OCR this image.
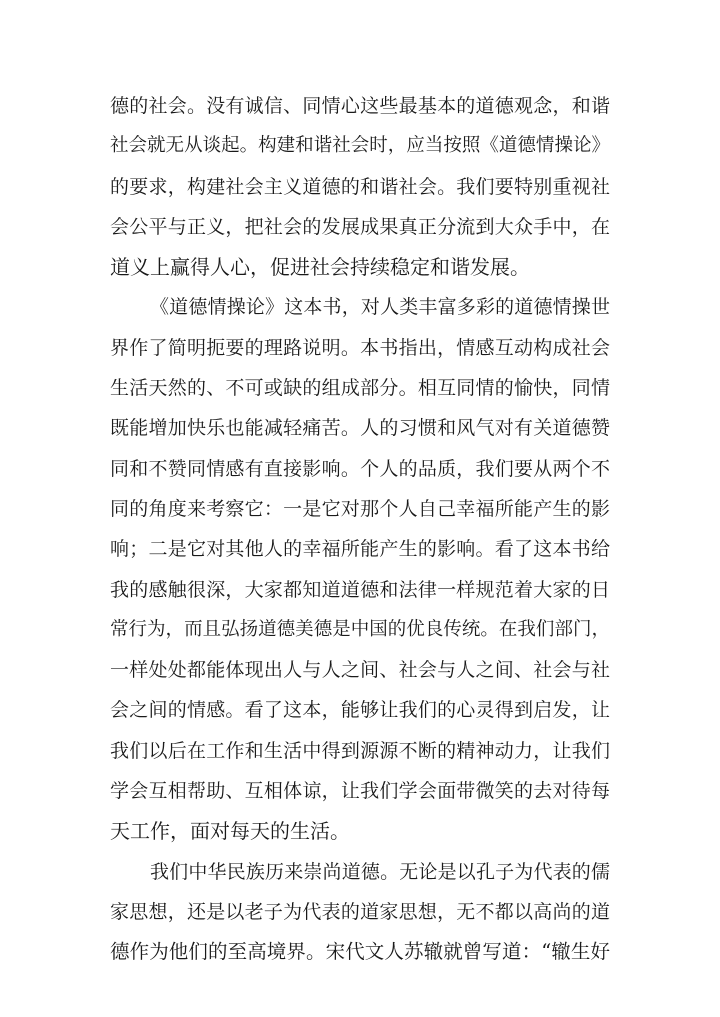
德的社会。没有诚信、同情心这些最基本的道德观念，和谐
社会就无从谈起。构建和谐社会时，应当按照《道德情操论》
的要求，构建社会主义道德的和谐社会。我们要特别重视社
会公平与正义，把社会的发展成果真正分流到大众手中，在
道义上赢得人心，促进社会持续稳定和谐发展。
《道德情操论》这本书，对人类丰富多彩的道德情操世
界作了简明扼要的理路说明。本书指出，情感互动构成社会
生活天然的、不可或缺的组成部分。相互同情的愉快，同情
既能增加快乐也能减轻痛苦。人的习惯和风气对有关道德赞
同和不赞同情感有直接影响。个人的品质，我们要从两个不
同的角度来考察它：一是它对那个人自己幸福所能产生的影
响；二是它对其他人的幸福所能产生的影响。看了这本书给
我的感触很深，大家都知道道德和法律一样规范着大家的日
常行为，而且弘扬道德美德是中国的优良传统。在我们部门，
一样处处都能体现出人与人之间、社会与人之间、社会与社
会之间的情感。看了这本，能够让我们的心灵得到启发，让
我们以后在工作和生活中得到源源不断的精神动力，让我们
学会互相帮助、互相体谅，让我们学会面带微笑的去对待每
天工作，面对每天的生活。
我们中华民族历来崇尚道德。无论是以孔子为代表的儒
家思想，还是以老子为代表的道家思想，无不都以高尚的道
德作为他们的至高境界。宋代文人苏辙就曾写道：“辙生好
